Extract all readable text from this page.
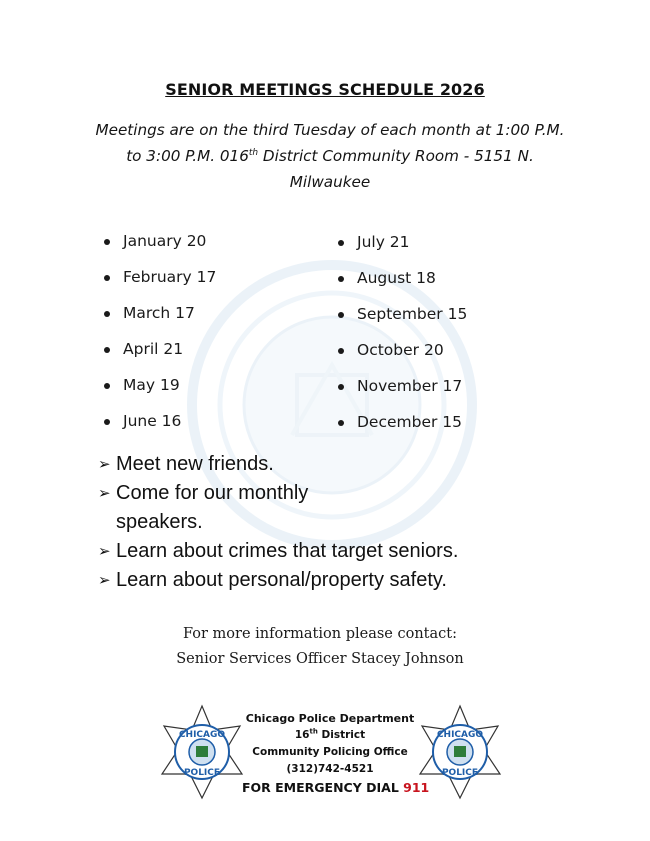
SENIOR MEETINGS SCHEDULE 2026
Meetings are on the third Tuesday of each month at 1:00 P.M.
to 3:00 P.M. 016th District Community Room - 5151 N.
Milwaukee
January 20
February 17
March 17
April 21
May 19
June 16
July 21
August 18
September 15
October 20
November 17
December 15
➢ Meet new friends.
➢ Come for our monthly speakers.
➢ Learn about crimes that target seniors.
➢ Learn about personal/property safety.
For more information please contact:
Senior Services Officer Stacey Johnson
CHICAGO
POLICE
Chicago Police Department
16th District
Community Policing Office
(312)742-4521
FOR EMERGENCY DIAL 911
CHICAGO
POLICE
